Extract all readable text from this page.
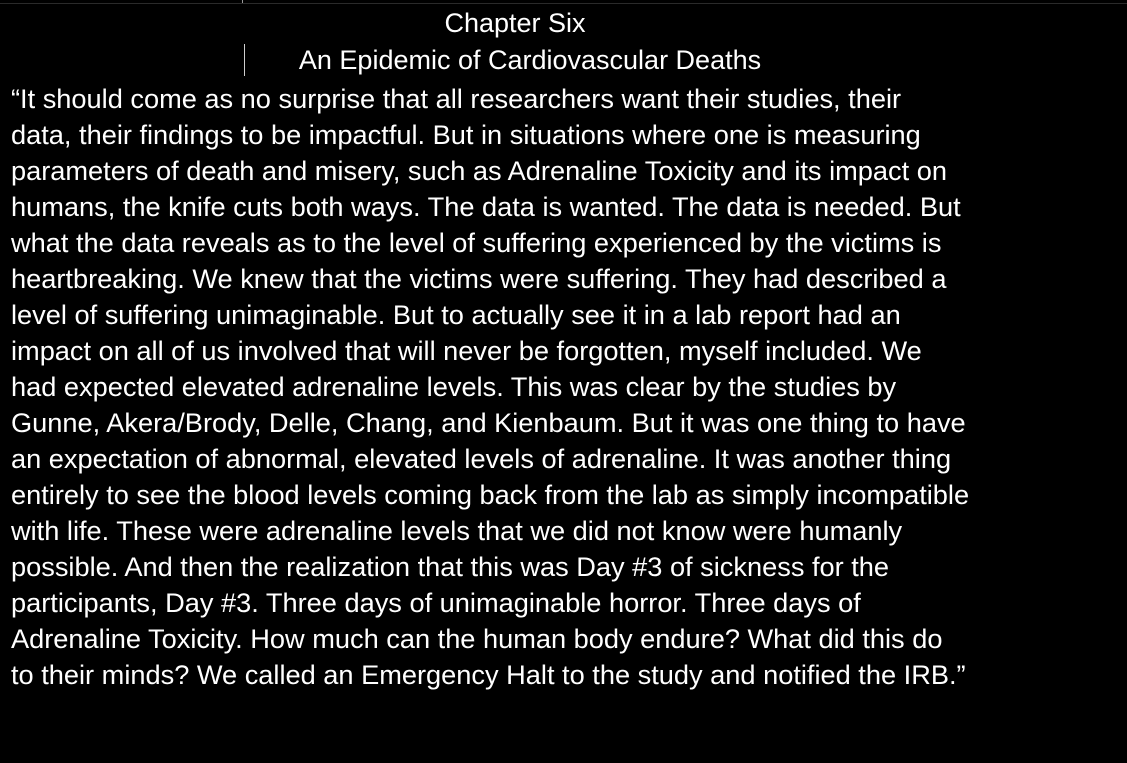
Chapter Six
An Epidemic of Cardiovascular Deaths
“It should come as no surprise that all researchers want their studies, their
data, their findings to be impactful. But in situations where one is measuring
parameters of death and misery, such as Adrenaline Toxicity and its impact on
humans, the knife cuts both ways. The data is wanted. The data is needed. But
what the data reveals as to the level of suffering experienced by the victims is
heartbreaking. We knew that the victims were suffering. They had described a
level of suffering unimaginable. But to actually see it in a lab report had an
impact on all of us involved that will never be forgotten, myself included. We
had expected elevated adrenaline levels. This was clear by the studies by
Gunne, Akera/Brody, Delle, Chang, and Kienbaum. But it was one thing to have
an expectation of abnormal, elevated levels of adrenaline. It was another thing
entirely to see the blood levels coming back from the lab as simply incompatible
with life. These were adrenaline levels that we did not know were humanly
possible. And then the realization that this was Day #3 of sickness for the
participants, Day #3. Three days of unimaginable horror. Three days of
Adrenaline Toxicity. How much can the human body endure? What did this do
to their minds? We called an Emergency Halt to the study and notified the IRB.”
